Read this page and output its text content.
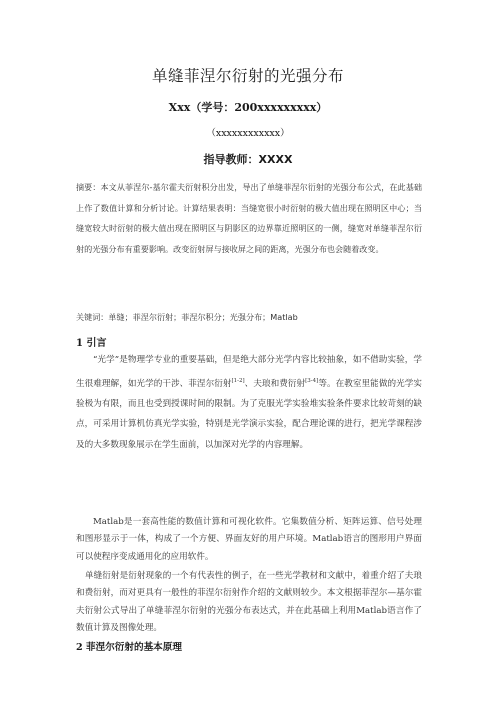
单缝菲涅尔衍射的光强分布
Xxx（学号：200xxxxxxxxx）
（xxxxxxxxxxxx）
指导教师：XXXX
摘要：本文从菲涅尔-基尔霍夫衍射积分出发，导出了单缝菲涅尔衍射的光强分布公式，在此基础上作了数值计算和分析讨论。计算结果表明：当缝宽很小时衍射的极大值出现在照明区中心；当缝宽较大时衍射的极大值出现在照明区与阴影区的边界靠近照明区的一侧，缝宽对单缝菲涅尔衍射的光强分布有重要影响。改变衍射屏与接收屏之间的距离，光强分布也会随着改变。
关键词：单缝；菲涅尔衍射；菲涅尔积分；光强分布；Matlab
1 引言
“光学”是物理学专业的重要基础，但是绝大部分光学内容比较抽象，如不借助实验，学生很难理解，如光学的干涉、菲涅尔衍射[1-2]、夫琅和费衍射[3-4]等。在教室里能做的光学实验极为有限，而且也受到授课时间的限制。为了克服光学实验堆实验条件要求比较苛刻的缺点，可采用计算机仿真光学实验，特别是光学演示实验，配合理论课的进行，把光学课程涉及的大多数现象展示在学生面前，以加深对光学的内容理解。
Matlab是一套高性能的数值计算和可视化软件。它集数值分析、矩阵运算、信号处理和图形显示于一体，构成了一个方便、界面友好的用户环境。Matlab语言的图形用户界面可以使程序变成通用化的应用软件。
单缝衍射是衍射现象的一个有代表性的例子，在一些光学教材和文献中，着重介绍了夫琅和费衍射，而对更具有一般性的菲涅尔衍射作介绍的文献则较少。本文根据菲涅尔—基尔霍夫衍射公式导出了单缝菲涅尔衍射的光强分布表达式，并在此基础上利用Matlab语言作了数值计算及图像处理。
2 菲涅尔衍射的基本原理
